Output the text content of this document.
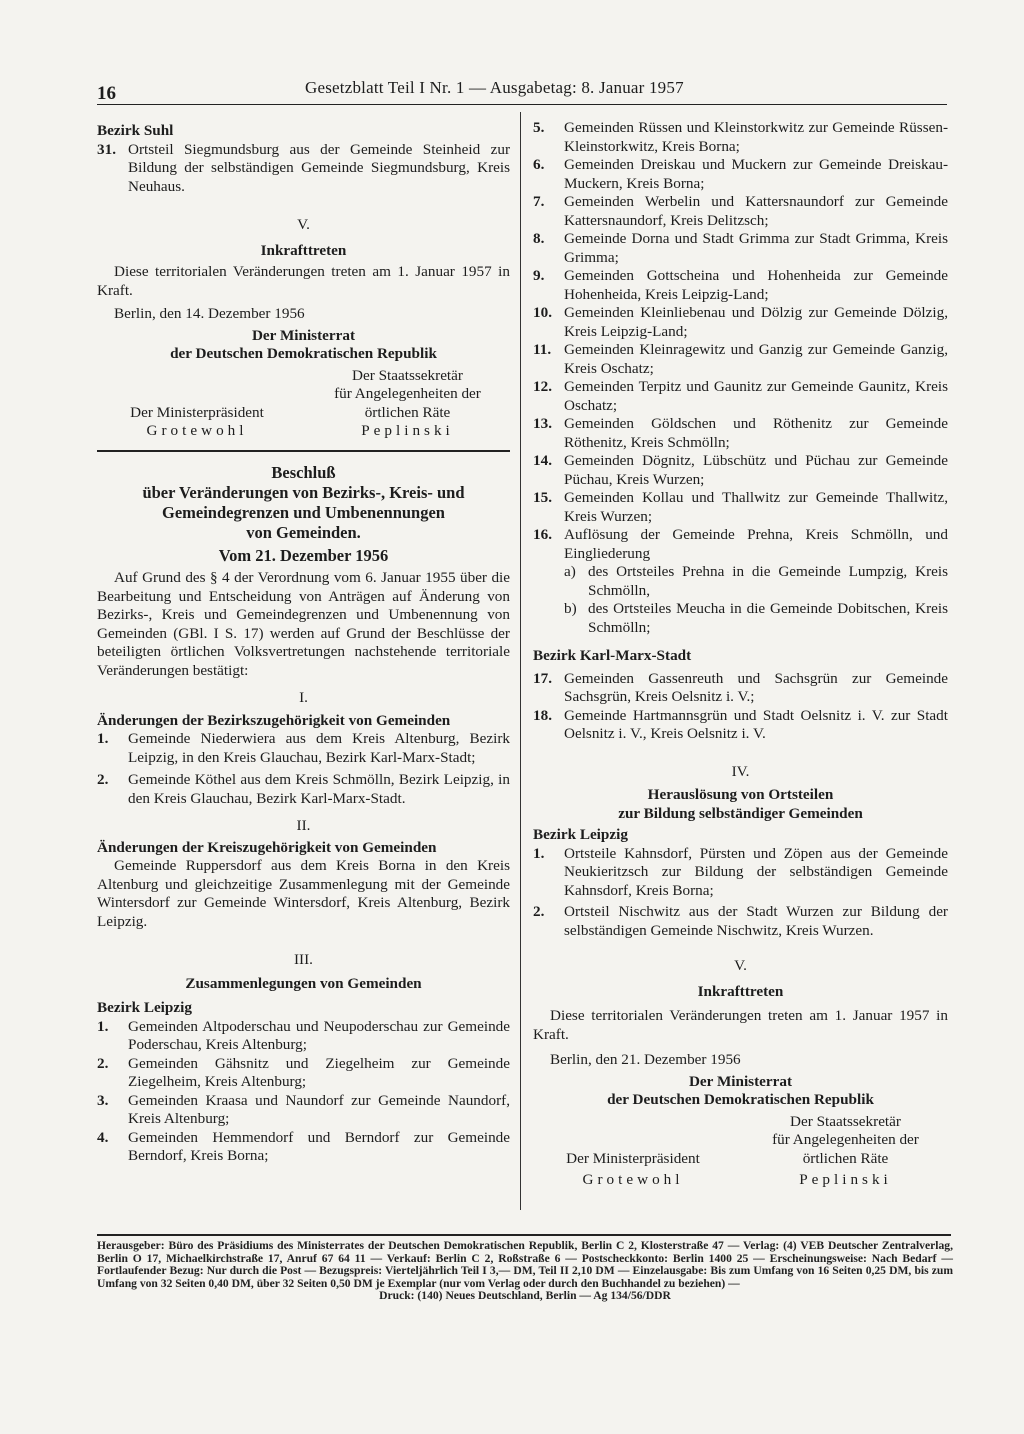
16	Gesetzblatt Teil I Nr. 1 — Ausgabetag: 8. Januar 1957
Bezirk Suhl
31. Ortsteil Siegmundsburg aus der Gemeinde Steinheid zur Bildung der selbständigen Gemeinde Siegmundsburg, Kreis Neuhaus.
V.
Inkrafttreten
Diese territorialen Veränderungen treten am 1. Januar 1957 in Kraft.
Berlin, den 14. Dezember 1956
Der Ministerrat
der Deutschen Demokratischen Republik
Der Ministerpräsident
Grotewohl
Der Staatssekretär
für Angelegenheiten der
örtlichen Räte
Peplinski
Beschluß
über Veränderungen von Bezirks-, Kreis- und
Gemeindegrenzen und Umbenennungen
von Gemeinden.
Vom 21. Dezember 1956
Auf Grund des § 4 der Verordnung vom 6. Januar 1955 über die Bearbeitung und Entscheidung von Anträgen auf Änderung von Bezirks-, Kreis und Gemeindegrenzen und Umbenennung von Gemeinden (GBl. I S. 17) werden auf Grund der Beschlüsse der beteiligten örtlichen Volksvertretungen nachstehende territoriale Veränderungen bestätigt:
I.
Änderungen der Bezirkszugehörigkeit von Gemeinden
1. Gemeinde Niederwiera aus dem Kreis Altenburg, Bezirk Leipzig, in den Kreis Glauchau, Bezirk Karl-Marx-Stadt;
2. Gemeinde Köthel aus dem Kreis Schmölln, Bezirk Leipzig, in den Kreis Glauchau, Bezirk Karl-Marx-Stadt.
II.
Änderungen der Kreiszugehörigkeit von Gemeinden
Gemeinde Ruppersdorf aus dem Kreis Borna in den Kreis Altenburg und gleichzeitige Zusammenlegung mit der Gemeinde Wintersdorf zur Gemeinde Wintersdorf, Kreis Altenburg, Bezirk Leipzig.
III.
Zusammenlegungen von Gemeinden
Bezirk Leipzig
1. Gemeinden Altpoderschau und Neupoderschau zur Gemeinde Poderschau, Kreis Altenburg;
2. Gemeinden Gähsnitz und Ziegelheim zur Gemeinde Ziegelheim, Kreis Altenburg;
3. Gemeinden Kraasa und Naundorf zur Gemeinde Naundorf, Kreis Altenburg;
4. Gemeinden Hemmendorf und Berndorf zur Gemeinde Berndorf, Kreis Borna;
5. Gemeinden Rüssen und Kleinstorkwitz zur Gemeinde Rüssen-Kleinstorkwitz, Kreis Borna;
6. Gemeinden Dreiskau und Muckern zur Gemeinde Dreiskau-Muckern, Kreis Borna;
7. Gemeinden Werbelin und Kattersnaundorf zur Gemeinde Kattersnaundorf, Kreis Delitzsch;
8. Gemeinde Dorna und Stadt Grimma zur Stadt Grimma, Kreis Grimma;
9. Gemeinden Gottscheina und Hohenheida zur Gemeinde Hohenheida, Kreis Leipzig-Land;
10. Gemeinden Kleinliebenau und Dölzig zur Gemeinde Dölzig, Kreis Leipzig-Land;
11. Gemeinden Kleinragewitz und Ganzig zur Gemeinde Ganzig, Kreis Oschatz;
12. Gemeinden Terpitz und Gaunitz zur Gemeinde Gaunitz, Kreis Oschatz;
13. Gemeinden Göldschen und Röthenitz zur Gemeinde Röthenitz, Kreis Schmölln;
14. Gemeinden Dögnitz, Lübschütz und Püchau zur Gemeinde Püchau, Kreis Wurzen;
15. Gemeinden Kollau und Thallwitz zur Gemeinde Thallwitz, Kreis Wurzen;
16. Auflösung der Gemeinde Prehna, Kreis Schmölln, und Eingliederung
a) des Ortsteiles Prehna in die Gemeinde Lumpzig, Kreis Schmölln,
b) des Ortsteiles Meucha in die Gemeinde Dobitschen, Kreis Schmölln;
Bezirk Karl-Marx-Stadt
17. Gemeinden Gassenreuth und Sachsgrün zur Gemeinde Sachsgrün, Kreis Oelsnitz i. V.;
18. Gemeinde Hartmannsgrün und Stadt Oelsnitz i. V. zur Stadt Oelsnitz i. V., Kreis Oelsnitz i. V.
IV.
Herauslösung von Ortsteilen
zur Bildung selbständiger Gemeinden
Bezirk Leipzig
1. Ortsteile Kahnsdorf, Pürsten und Zöpen aus der Gemeinde Neukieritzsch zur Bildung der selbständigen Gemeinde Kahnsdorf, Kreis Borna;
2. Ortsteil Nischwitz aus der Stadt Wurzen zur Bildung der selbständigen Gemeinde Nischwitz, Kreis Wurzen.
V.
Inkrafttreten
Diese territorialen Veränderungen treten am 1. Januar 1957 in Kraft.
Berlin, den 21. Dezember 1956
Der Ministerrat
der Deutschen Demokratischen Republik
Der Ministerpräsident
Grotewohl
Der Staatssekretär
für Angelegenheiten der
örtlichen Räte
Peplinski
Herausgeber: Büro des Präsidiums des Ministerrates der Deutschen Demokratischen Republik, Berlin C 2, Klosterstraße 47 — Verlag: (4) VEB Deutscher Zentralverlag, Berlin O 17, Michaelkirchstraße 17, Anruf 67 64 11 — Verkauf: Berlin C 2, Roßstraße 6 — Postscheckkonto: Berlin 1400 25 — Erscheinungsweise: Nach Bedarf — Fortlaufender Bezug: Nur durch die Post — Bezugspreis: Vierteljährlich Teil I 3,— DM, Teil II 2,10 DM — Einzelausgabe: Bis zum Umfang von 16 Seiten 0,25 DM, bis zum Umfang von 32 Seiten 0,40 DM, über 32 Seiten 0,50 DM je Exemplar (nur vom Verlag oder durch den Buchhandel zu beziehen) —
Druck: (140) Neues Deutschland, Berlin — Ag 134/56/DDR
